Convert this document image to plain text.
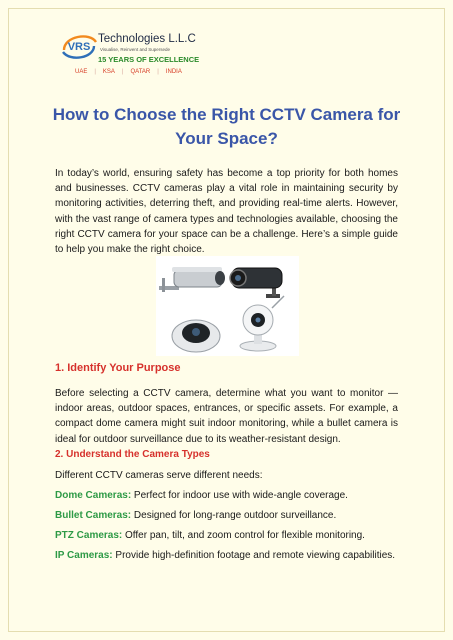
VRS
Technologies L.L.C
Visualise, Reinvent and Supersede
15 YEARS OF EXCELLENCE
UAE	|	KSA	|	QATAR	|	INDIA
How to Choose the Right CCTV Camera for Your Space?

In today’s world, ensuring safety has become a top priority for both homes and businesses. CCTV cameras play a vital role in maintaining security by monitoring activities, deterring theft, and providing real-time alerts. However, with the vast range of camera types and technologies available, choosing the right CCTV camera for your space can be a challenge. Here’s a simple guide to help you make the right choice.

1. Identify Your Purpose

Before selecting a CCTV camera, determine what you want to monitor — indoor areas, outdoor spaces, entrances, or specific assets. For example, a compact dome camera might suit indoor monitoring, while a bullet camera is ideal for outdoor surveillance due to its weather-resistant design.

2. Understand the Camera Types

Different CCTV cameras serve different needs:

Dome Cameras: Perfect for indoor use with wide-angle coverage.

Bullet Cameras: Designed for long-range outdoor surveillance.

PTZ Cameras: Offer pan, tilt, and zoom control for flexible monitoring.

IP Cameras: Provide high-definition footage and remote viewing capabilities.
